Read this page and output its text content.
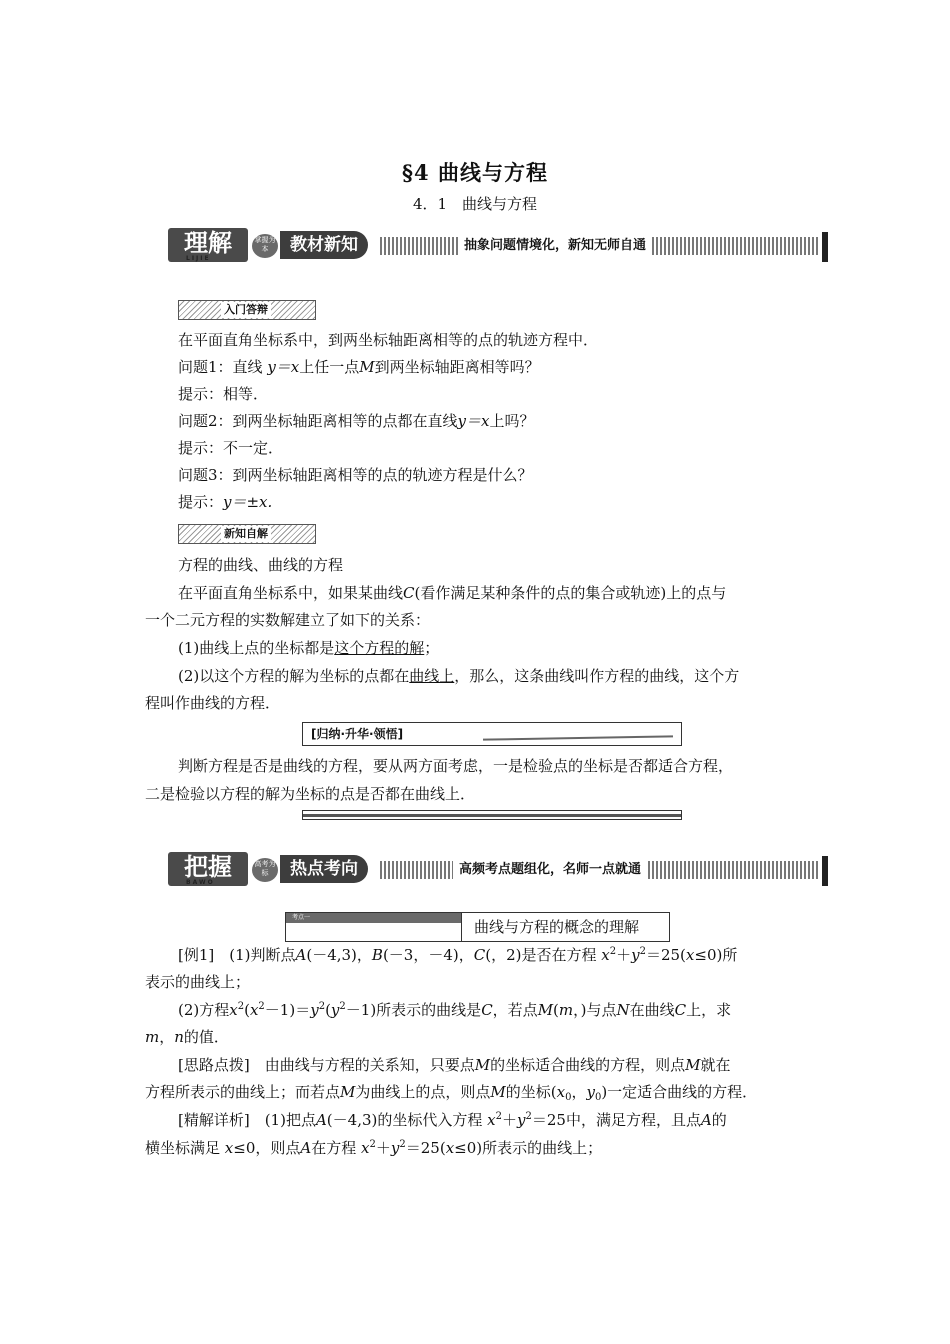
§4 曲线与方程
4．1　曲线与方程
理解
LIJIE
掌握为本	教材新知	抽象问题情境化，新知无师自通
入门答辩
在平面直角坐标系中，到两坐标轴距离相等的点的轨迹方程中．
问题1：直线 y＝x上任一点M到两坐标轴距离相等吗？
提示：相等．
问题2：到两坐标轴距离相等的点都在直线y＝x上吗？
提示：不一定．
问题3：到两坐标轴距离相等的点的轨迹方程是什么？
提示：y＝±x.
新知自解
方程的曲线、曲线的方程
在平面直角坐标系中，如果某曲线C(看作满足某种条件的点的集合或轨迹)上的点与
一个二元方程的实数解建立了如下的关系：
(1)曲线上点的坐标都是这个方程的解；
(2)以这个方程的解为坐标的点都在曲线上，那么，这条曲线叫作方程的曲线，这个方
程叫作曲线的方程．
[归纳·升华·领悟]
判断方程是否是曲线的方程，要从两方面考虑，一是检验点的坐标是否都适合方程，
二是检验以方程的解为坐标的点是否都在曲线上．
把握
BAWO
高考为标	热点考向	高频考点题组化，名师一点就通
考点一
曲线与方程的概念的理解
[例1]　(1)判断点A(－4,3)，B(－3，－4)，C(，2)是否在方程 $x^2+y^2=25(x\le 0)$所
表示的曲线上；
(2)方程$x^2(x^2-1)=y^2(y^2-1)$所表示的曲线是C，若点M(m，)与点N在曲线C上，求
m，n的值．
[思路点拨]　由曲线与方程的关系知，只要点M的坐标适合曲线的方程，则点M就在
方程所表示的曲线上；而若点M为曲线上的点，则点M的坐标($x_0$，$y_0$)一定适合曲线的方程．
[精解详析]　(1)把点A(－4,3)的坐标代入方程 $x^2+y^2=25$中，满足方程，且点A的
横坐标满足 x≤0，则点A在方程 $x^2+y^2=25(x\le 0)$所表示的曲线上；
